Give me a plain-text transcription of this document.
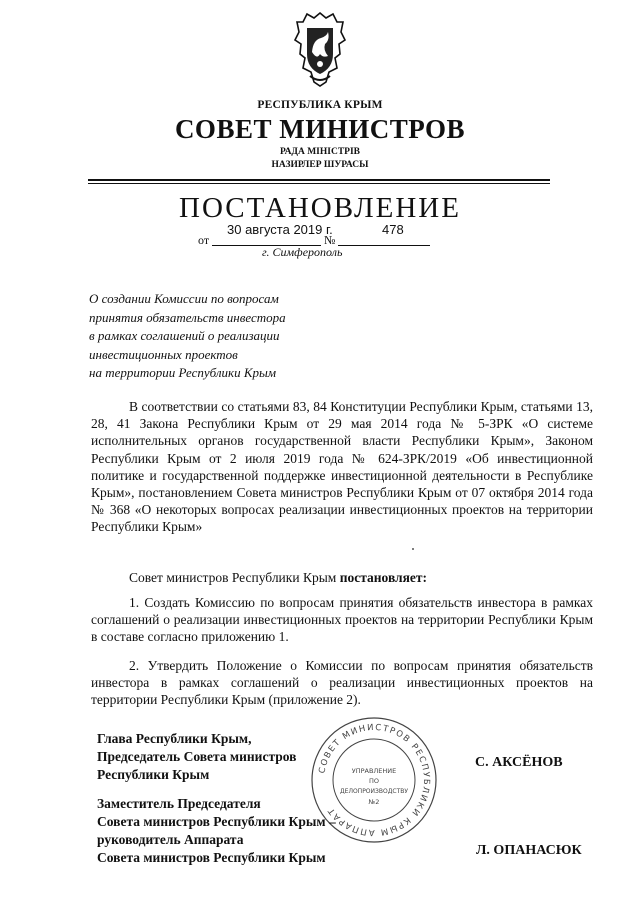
РЕСПУБЛИКА КРЫМ
СОВЕТ МИНИСТРОВ
РАДА МІНІСТРІВ
НАЗИРЛЕР ШУРАСЫ
ПОСТАНОВЛЕНИЕ
от
30 августа 2019 г.
№
478
г. Симферополь
О создании Комиссии по вопросам
принятия обязательств инвестора
в рамках соглашений о реализации
инвестиционных проектов
на территории Республики Крым
В соответствии со статьями 83, 84 Конституции Республики Крым, статьями 13, 28, 41 Закона Республики Крым от 29 мая 2014 года № 5-ЗРК «О системе исполнительных органов государственной власти Республики Крым», Законом Республики Крым от 2 июля 2019 года № 624-ЗРК/2019 «Об инвестиционной политике и государственной поддержке инвестиционной деятельности в Республике Крым», постановлением Совета министров Республики Крым от 07 октября 2014 года № 368 «О некоторых вопросах реализации инвестиционных проектов на территории Республики Крым»
Совет министров Республики Крым постановляет:
1. Создать Комиссию по вопросам принятия обязательств инвестора в рамках соглашений о реализации инвестиционных проектов на территории Республики Крым в составе согласно приложению 1.
2. Утвердить Положение о Комиссии по вопросам принятия обязательств инвестора в рамках соглашений о реализации инвестиционных проектов на территории Республики Крым (приложение 2).
СОВЕТ МИНИСТРОВ РЕСПУБЛИКИ КРЫМ АППАРАТ
УПРАВЛЕНИЕ
ПО
ДЕЛОПРОИЗВОДСТВУ
№2
Глава Республики Крым,
Председатель Совета министров
Республики Крым
С. АКСЁНОВ
Заместитель Председателя
Совета министров Республики Крым –
руководитель Аппарата
Совета министров Республики Крым	Л. ОПАНАСЮК
